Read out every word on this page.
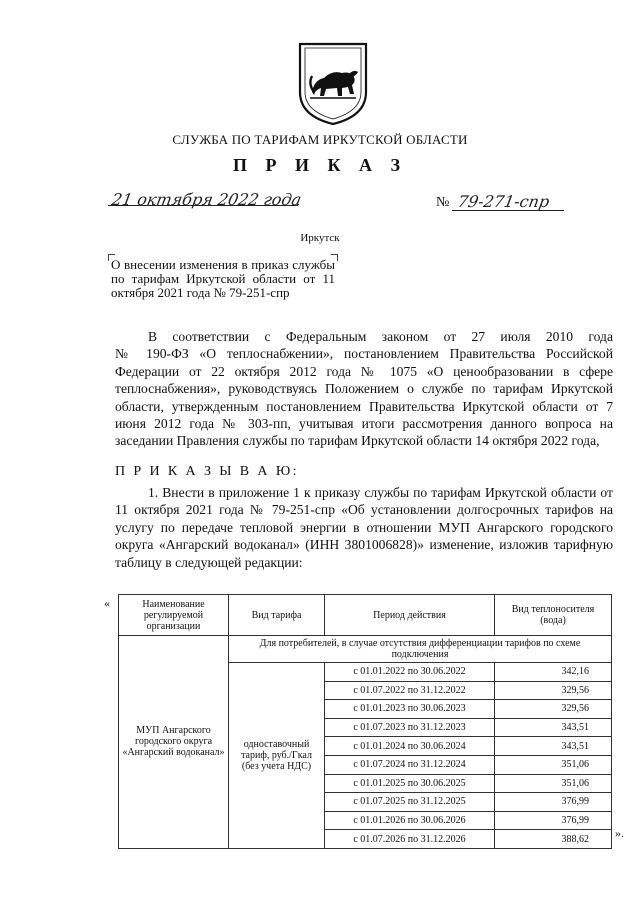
СЛУЖБА ПО ТАРИФАМ ИРКУТСКОЙ ОБЛАСТИ
П Р И К А З
21 октября 2022 года	№ 79-271-спр
Иркутск
О внесении изменения в приказ службы по тарифам Иркутской области от 11 октября 2021 года № 79-251-спр
В соответствии с Федеральным законом от 27 июля 2010 года
№ 190-ФЗ «О теплоснабжении», постановлением Правительства Российской Федерации от 22 октября 2012 года № 1075 «О ценообразовании в сфере теплоснабжения», руководствуясь Положением о службе по тарифам Иркутской области, утвержденным постановлением Правительства Иркутской области от 7 июня 2012 года № 303-пп, учитывая итоги рассмотрения данного вопроса на заседании Правления службы по тарифам Иркутской области 14 октября 2022 года,
П Р И К А З Ы В А Ю:
1. Внести в приложение 1 к приказу службы по тарифам Иркутской области от 11 октября 2021 года № 79-251-спр «Об установлении долгосрочных тарифов на услугу по передаче тепловой энергии в отношении МУП Ангарского городского округа «Ангарский водоканал» (ИНН 3801006828)» изменение, изложив тарифную таблицу в следующей редакции:
«	Наименование регулируемой организации	Вид тарифа	Период действия	Вид теплоносителя (вода)
МУП Ангарского городского округа «Ангарский водоканал»	Для потребителей, в случае отсутствия дифференциации тарифов по схеме подключения		
	одноставочный тариф, руб./Гкал (без учета НДС)	с 01.01.2022 по 30.06.2022	342,16
		с 01.07.2022 по 31.12.2022	329,56
		с 01.01.2023 по 30.06.2023	329,56
		с 01.07.2023 по 31.12.2023	343,51
		с 01.01.2024 по 30.06.2024	343,51
		с 01.07.2024 по 31.12.2024	351,06
		с 01.01.2025 по 30.06.2025	351,06
		с 01.07.2025 по 31.12.2025	376,99
		с 01.01.2026 по 30.06.2026	376,99
		с 01.07.2026 по 31.12.2026	388,62 ».
